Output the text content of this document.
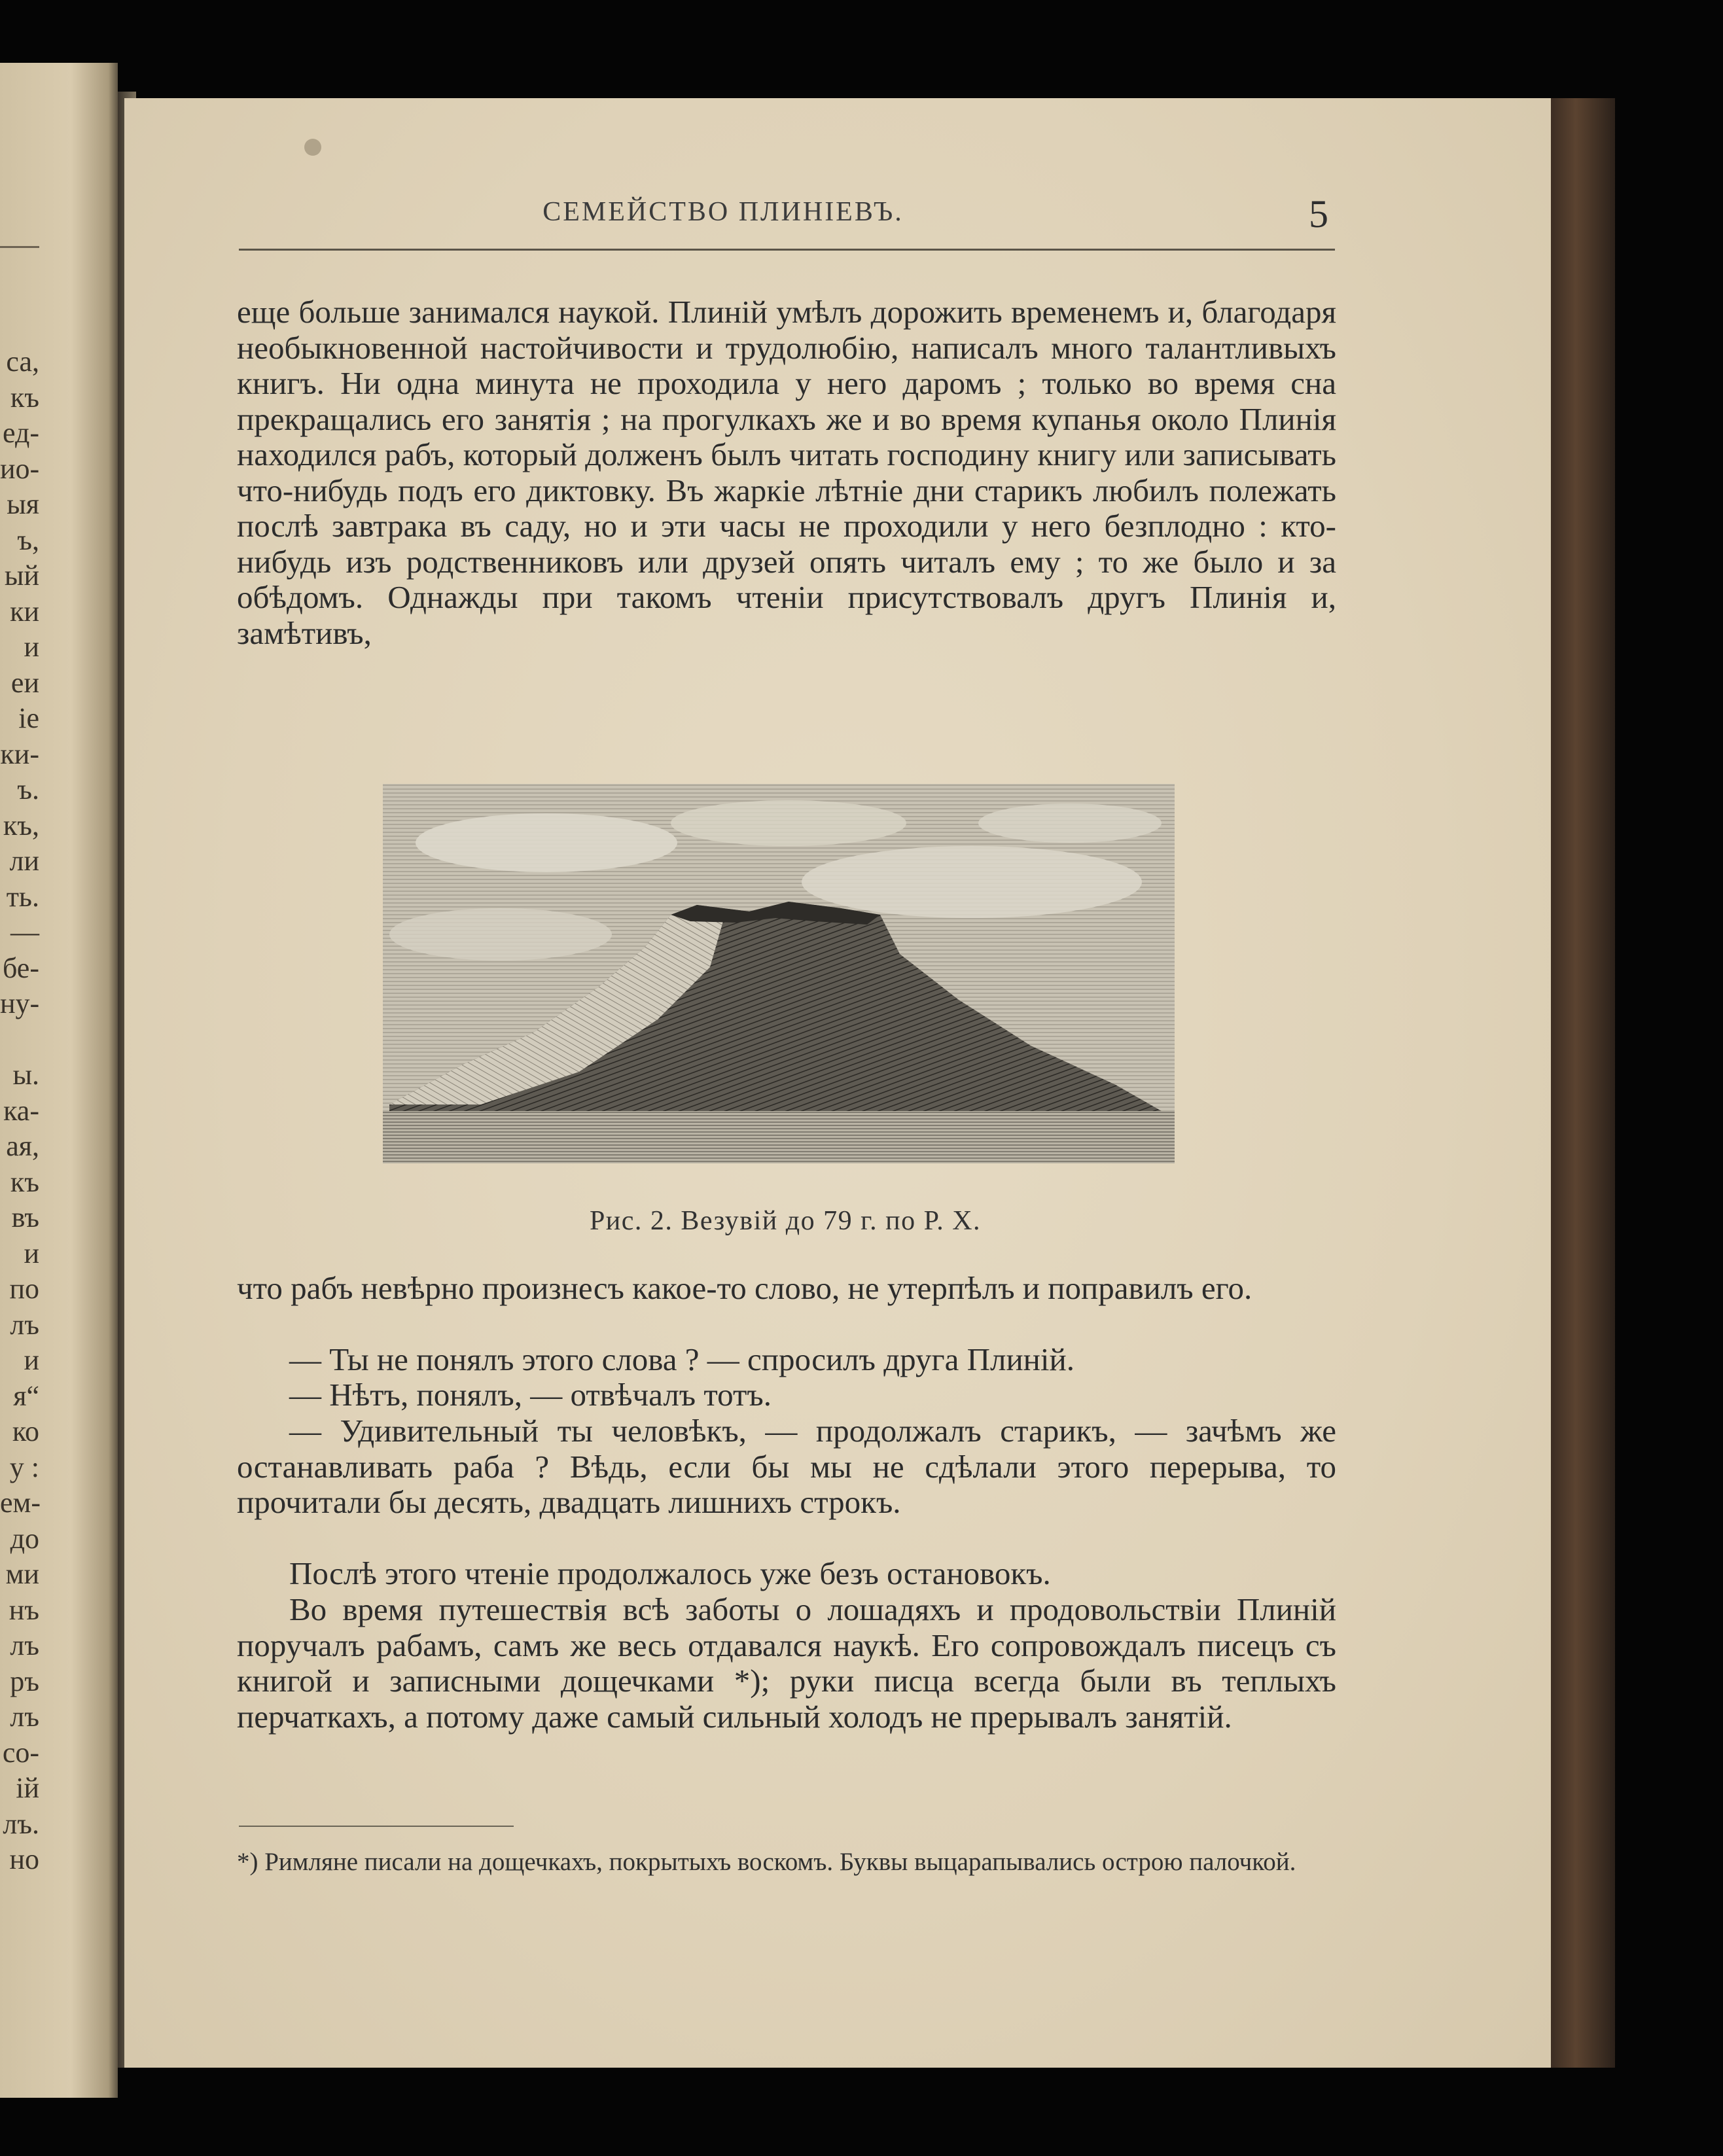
са,
къ
ед-
ио-
ыя
ъ,
ый
ки
и
еи
iе
ки-
ъ.
къ,
ли
ть.
—
бе-
ну-
ы.
ка-
ая,
къ
въ
и
по
лъ
и
я“
ко
у :
ем-
до
ми
нъ
лъ
ръ
лъ
со-
iй
лъ.
но
СЕМЕЙСТВО ПЛИНIЕВЪ.	5

еще больше занимался наукой. Плинiй умѣлъ дорожить временемъ и, благодаря необыкновенной настойчивости и трудолюбiю, написалъ много талантливыхъ книгъ. Ни одна минута не проходила у него даромъ ; только во время сна прекращались его занятiя ; на прогулкахъ же и во время купанья около Плинiя находился рабъ, который долженъ былъ читать господину книгу или записывать что-нибудь подъ его диктовку. Въ жаркiе лѣтнiе дни старикъ любилъ полежать послѣ завтрака въ саду, но и эти часы не проходили у него безплодно : кто-нибудь изъ родственниковъ или друзей опять читалъ ему ; то же было и за обѣдомъ. Однажды при такомъ чтенiи присутствовалъ другъ Плинiя и, замѣтивъ,

Рис. 2. Везувiй до 79 г. по Р. Х.

что рабъ невѣрно произнесъ какое-то слово, не утерпѣлъ и поправилъ его.

— Ты не понялъ этого слова ? — спросилъ друга Плинiй.

— Нѣтъ, понялъ, — отвѣчалъ тотъ.

— Удивительный ты человѣкъ, — продолжалъ старикъ, — зачѣмъ же останавливать раба ? Вѣдь, если бы мы не сдѣлали этого перерыва, то прочитали бы десять, двадцать лишнихъ строкъ.

Послѣ этого чтенiе продолжалось уже безъ остановокъ.

Во время путешествiя всѣ заботы о лошадяхъ и продовольствiи Плинiй поручалъ рабамъ, самъ же весь отдавался наукѣ. Его сопровождалъ писецъ съ книгой и записными дощечками *); руки писца всегда были въ теплыхъ перчаткахъ, а потому даже самый сильный холодъ не прерывалъ занятiй.

*) Римляне писали на дощечкахъ, покрытыхъ воскомъ. Буквы выцарапывались острою палочкой.
